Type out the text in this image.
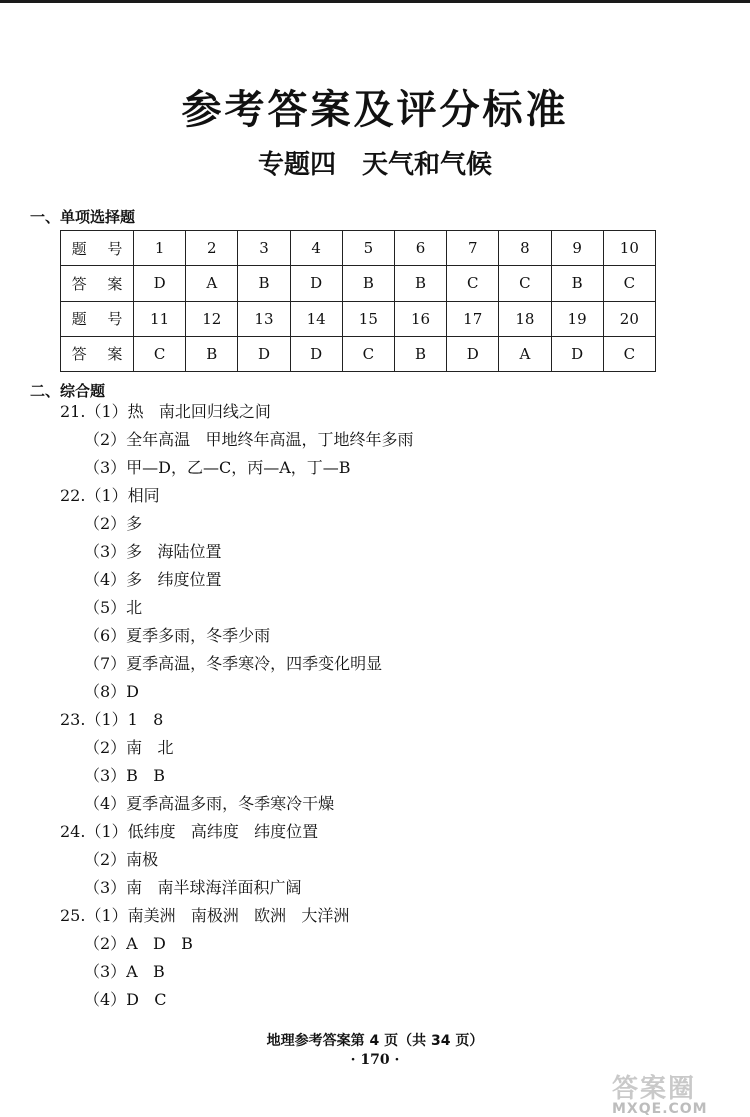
参考答案及评分标准
专题四 天气和气候
一、单项选择题
题 号	1	2	3	4	5	6	7	8	9	10
答 案	D	A	B	D	B	B	C	C	B	C
题 号	11	12	13	14	15	16	17	18	19	20
答 案	C	B	D	D	C	B	D	A	D	C
二、综合题
21.（1）热   南北回归线之间
（2）全年高温   甲地终年高温，丁地终年多雨
（3）甲—D，乙—C，丙—A，丁—B
22.（1）相同
（2）多
（3）多   海陆位置
（4）多   纬度位置
（5）北
（6）夏季多雨，冬季少雨
（7）夏季高温，冬季寒冷，四季变化明显
（8）D
23.（1）1   8
（2）南   北
（3）B   B
（4）夏季高温多雨，冬季寒冷干燥
24.（1）低纬度   高纬度   纬度位置
（2）南极
（3）南   南半球海洋面积广阔
25.（1）南美洲   南极洲   欧洲   大洋洲
（2）A   D   B
（3）A   B
（4）D   C
地理参考答案第 4 页（共 34 页）
· 170 ·
答案圈
MXQE.COM
